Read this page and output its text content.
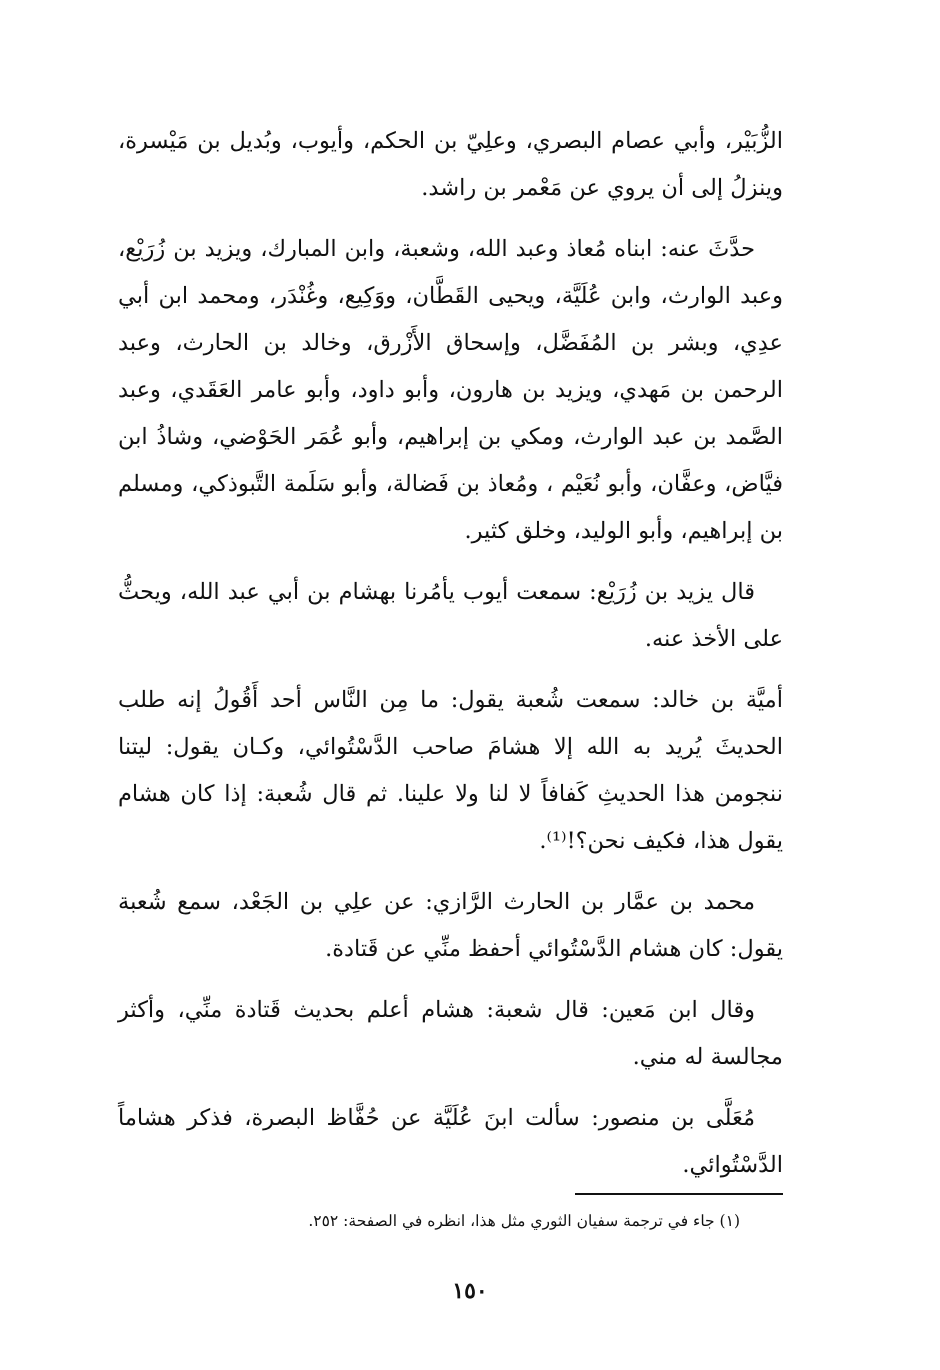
الزُّبَيْر، وأبي عصام البصري، وعلِيّ بن الحكم، وأيوب، وبُديل بن مَيْسرة، وينزلُ إلى أن يروي عن مَعْمر بن راشد.

حدَّثَ عنه: ابناه مُعاذ وعبد الله، وشعبة، وابن المبارك، ويزيد بن زُرَيْع، وعبد الوارث، وابن عُلَيَّة، ويحيى القَطَّان، ووَكِيع، وغُنْدَر، ومحمد ابن أبي عدِي، وبشر بن المُفَضَّل، وإسحاق الأَزْرق، وخالد بن الحارث، وعبد الرحمن بن مَهدي، ويزيد بن هارون، وأبو داود، وأبو عامر العَقَدي، وعبد الصَّمد بن عبد الوارث، ومكي بن إبراهيم، وأبو عُمَر الحَوْضي، وشاذُ ابن فيَّاض، وعفَّان، وأبو نُعَيْم ، ومُعاذ بن فَضالة، وأبو سَلَمة التَّبوذكي، ومسلم بن إبراهيم، وأبو الوليد، وخلق كثير.

قال يزيد بن زُرَيْع: سمعت أيوب يأمُرنا بهشام بن أبي عبد الله، ويحثُّ على الأخذ عنه.

أميَّة بن خالد: سمعت شُعبة يقول: ما مِن النَّاس أحد أَقُولُ إنه طلب الحديثَ يُريد به الله إلا هشامَ صاحب الدَّسْتُوائي، وكـان يقول: ليتنا ننجومن هذا الحديثِ كَفافاً لا لنا ولا علينا. ثم قال شُعبة: إذا كان هشام يقول هذا، فكيف نحن؟!⁽¹⁾.

محمد بن عمَّار بن الحارث الرَّازي: عن علِي بن الجَعْد، سمع شُعبة يقول: كان هشام الدَّسْتُوائي أحفظ منِّي عن قَتادة.

وقال ابن مَعين: قال شعبة: هشام أعلم بحديث قَتادة منِّي، وأكثر مجالسة له مني.

مُعَلَّى بن منصور: سألت ابنَ عُلَيَّة عن حُفَّاظ البصرة، فذكر هشاماً الدَّسْتُوائي.

(١) جاء في ترجمة سفيان الثوري مثل هذا، انظره في الصفحة: ٢٥٢.
١٥٠
